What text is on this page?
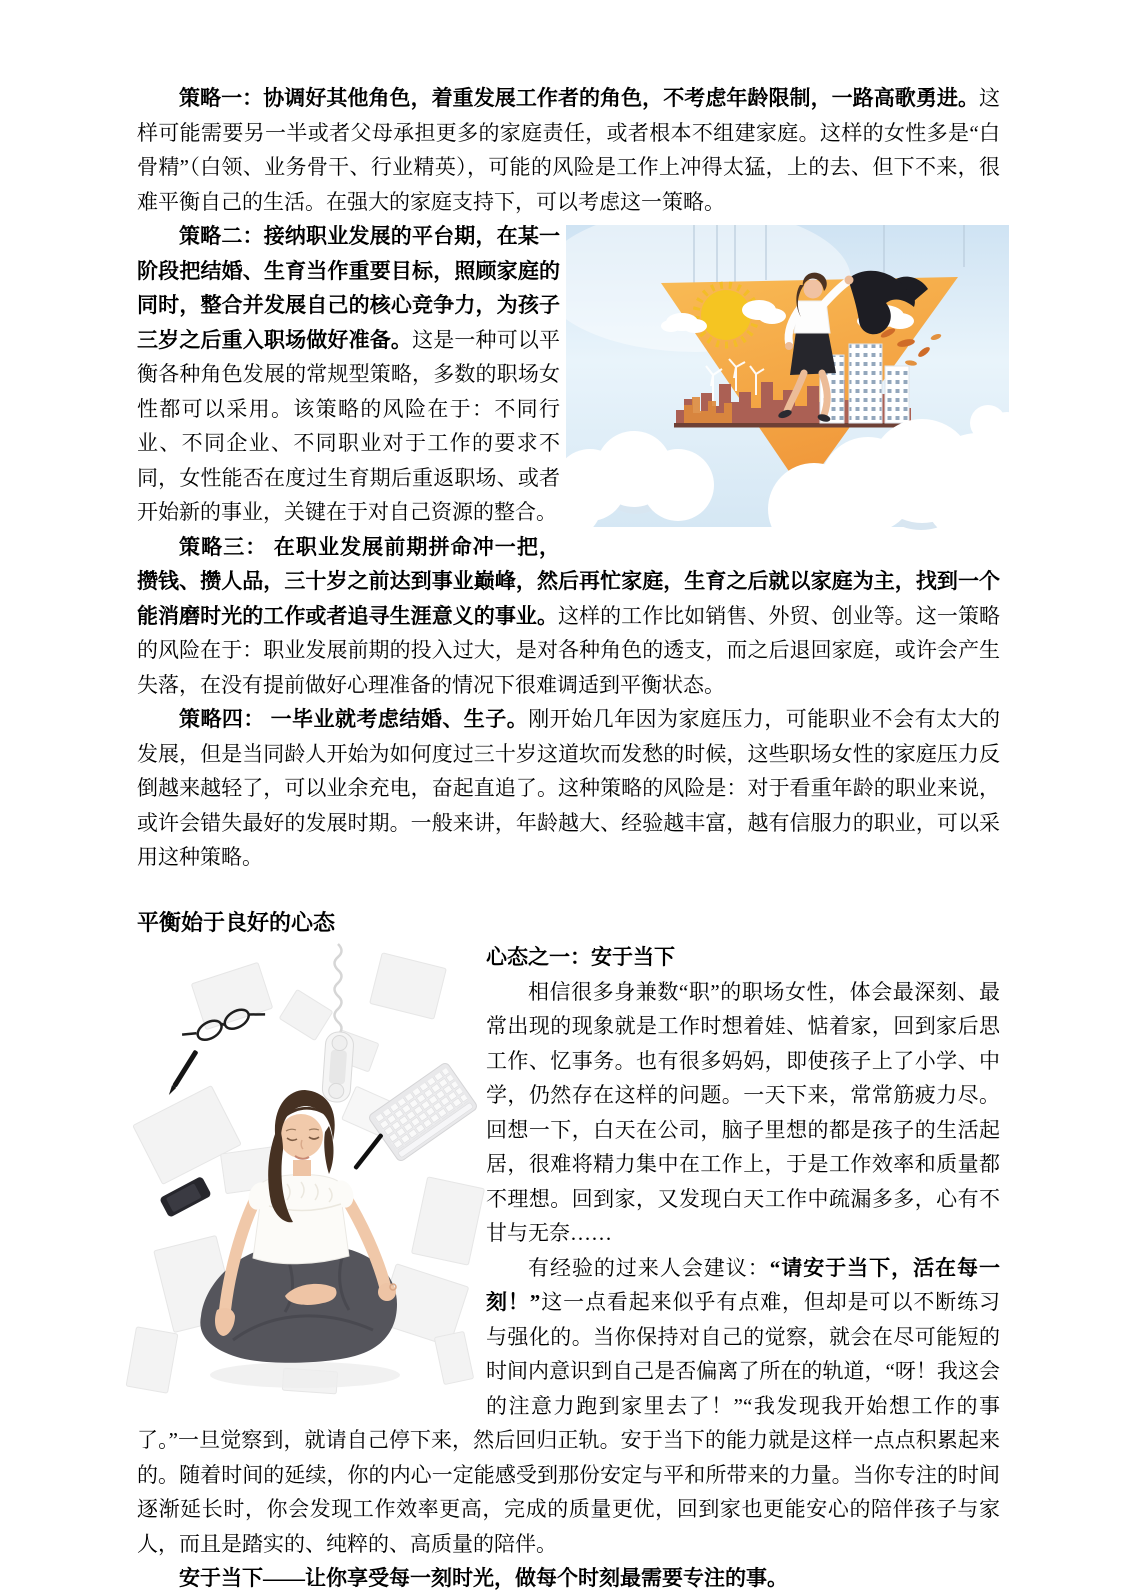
策略一：协调好其他角色，着重发展工作者的角色，不考虑年龄限制，一路高歌勇进。这样可能需要另一半或者父母承担更多的家庭责任，或者根本不组建家庭。这样的女性多是“白骨精”（白领、业务骨干、行业精英），可能的风险是工作上冲得太猛，上的去、但下不来，很难平衡自己的生活。在强大的家庭支持下，可以考虑这一策略。

策略二：接纳职业发展的平台期，在某一阶段把结婚、生育当作重要目标，照顾家庭的同时，整合并发展自己的核心竞争力，为孩子三岁之后重入职场做好准备。这是一种可以平衡各种角色发展的常规型策略，多数的职场女性都可以采用。该策略的风险在于：不同行业、不同企业、不同职业对于工作的要求不同，女性能否在度过生育期后重返职场、或者开始新的事业，关键在于对自己资源的整合。

策略三： 在职业发展前期拼命冲一把，攒钱、攒人品，三十岁之前达到事业巅峰，然后再忙家庭，生育之后就以家庭为主，找到一个能消磨时光的工作或者追寻生涯意义的事业。这样的工作比如销售、外贸、创业等。这一策略的风险在于：职业发展前期的投入过大，是对各种角色的透支，而之后退回家庭，或许会产生失落，在没有提前做好心理准备的情况下很难调适到平衡状态。

策略四： 一毕业就考虑结婚、生子。刚开始几年因为家庭压力，可能职业不会有太大的发展，但是当同龄人开始为如何度过三十岁这道坎而发愁的时候，这些职场女性的家庭压力反倒越来越轻了，可以业余充电，奋起直追了。这种策略的风险是：对于看重年龄的职业来说，或许会错失最好的发展时期。一般来讲，年龄越大、经验越丰富，越有信服力的职业，可以采用这种策略。

平衡始于良好的心态
心态之一：安于当下

相信很多身兼数“职”的职场女性，体会最深刻、最常出现的现象就是工作时想着娃、惦着家，回到家后思工作、忆事务。也有很多妈妈，即使孩子上了小学、中学，仍然存在这样的问题。一天下来，常常筋疲力尽。回想一下，白天在公司，脑子里想的都是孩子的生活起居，很难将精力集中在工作上，于是工作效率和质量都不理想。回到家，又发现白天工作中疏漏多多，心有不甘与无奈……

有经验的过来人会建议：“请安于当下，活在每一刻！”这一点看起来似乎有点难，但却是可以不断练习与强化的。当你保持对自己的觉察，就会在尽可能短的时间内意识到自己是否偏离了所在的轨道，“呀！我这会的注意力跑到家里去了！”“我发现我开始想工作的事了。”一旦觉察到，就请自己停下来，然后回归正轨。安于当下的能力就是这样一点点积累起来的。随着时间的延续，你的内心一定能感受到那份安定与平和所带来的力量。当你专注的时间逐渐延长时，你会发现工作效率更高，完成的质量更优，回到家也更能安心的陪伴孩子与家人，而且是踏实的、纯粹的、高质量的陪伴。

安于当下——让你享受每一刻时光，做每个时刻最需要专注的事。
